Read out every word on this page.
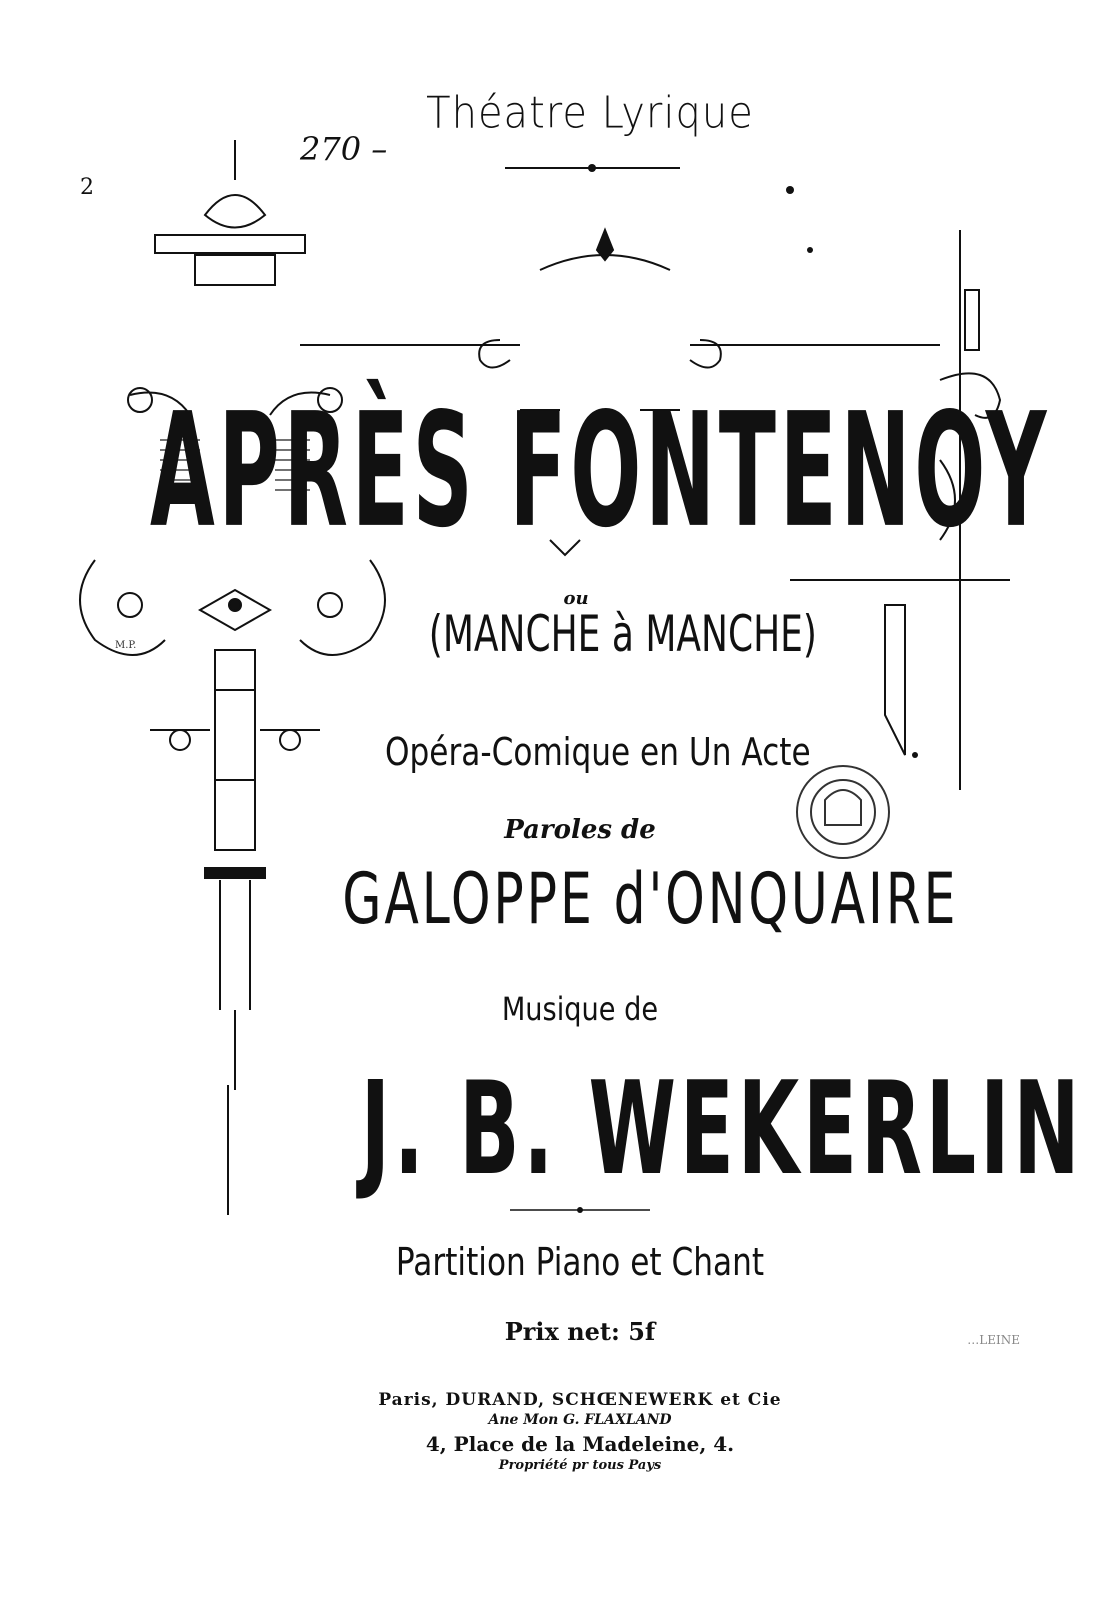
M.P.
Théatre Lyrique
270 –
2
APRÈS FONTENOY
ou
(MANCHE à MANCHE)
Opéra-Comique en Un Acte
Paroles de
GALOPPE d'ONQUAIRE
Musique de
J. B. WEKERLIN
Partition Piano et Chant
Prix net: 5f
Paris, DURAND, SCHŒNEWERK et Cie
Ane Mon G. FLAXLAND
4, Place de la Madeleine, 4.
Propriété pr tous Pays
…LEINE
